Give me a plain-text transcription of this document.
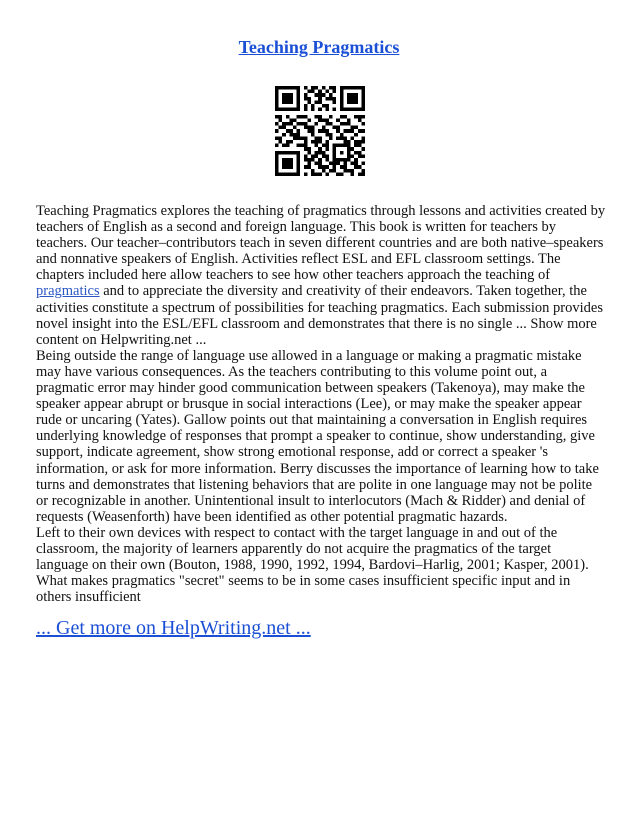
Teaching Pragmatics

Teaching Pragmatics explores the teaching of pragmatics through lessons and activities created by teachers of English as a second and foreign language. This book is written for teachers by teachers. Our teacher–contributors teach in seven different countries and are both native–speakers and nonnative speakers of English. Activities reflect ESL and EFL classroom settings. The chapters included here allow teachers to see how other teachers approach the teaching of pragmatics and to appreciate the diversity and creativity of their endeavors. Taken together, the activities constitute a spectrum of possibilities for teaching pragmatics. Each submission provides novel insight into the ESL/EFL classroom and demonstrates that there is no single ... Show more content on Helpwriting.net ...

Being outside the range of language use allowed in a language or making a pragmatic mistake may have various consequences. As the teachers contributing to this volume point out, a pragmatic error may hinder good communication between speakers (Takenoya), may make the speaker appear abrupt or brusque in social interactions (Lee), or may make the speaker appear rude or uncaring (Yates). Gallow points out that maintaining a conversation in English requires underlying knowledge of responses that prompt a speaker to continue, show understanding, give support, indicate agreement, show strong emotional response, add or correct a speaker 's information, or ask for more information. Berry discusses the importance of learning how to take turns and demonstrates that listening behaviors that are polite in one language may not be polite or recognizable in another. Unintentional insult to interlocutors (Mach & Ridder) and denial of requests (Weasenforth) have been identified as other potential pragmatic hazards.

Left to their own devices with respect to contact with the target language in and out of the classroom, the majority of learners apparently do not acquire the pragmatics of the target language on their own (Bouton, 1988, 1990, 1992, 1994, Bardovi–Harlig, 2001; Kasper, 2001). What makes pragmatics "secret" seems to be in some cases insufficient specific input and in others insufficient

... Get more on HelpWriting.net ...
